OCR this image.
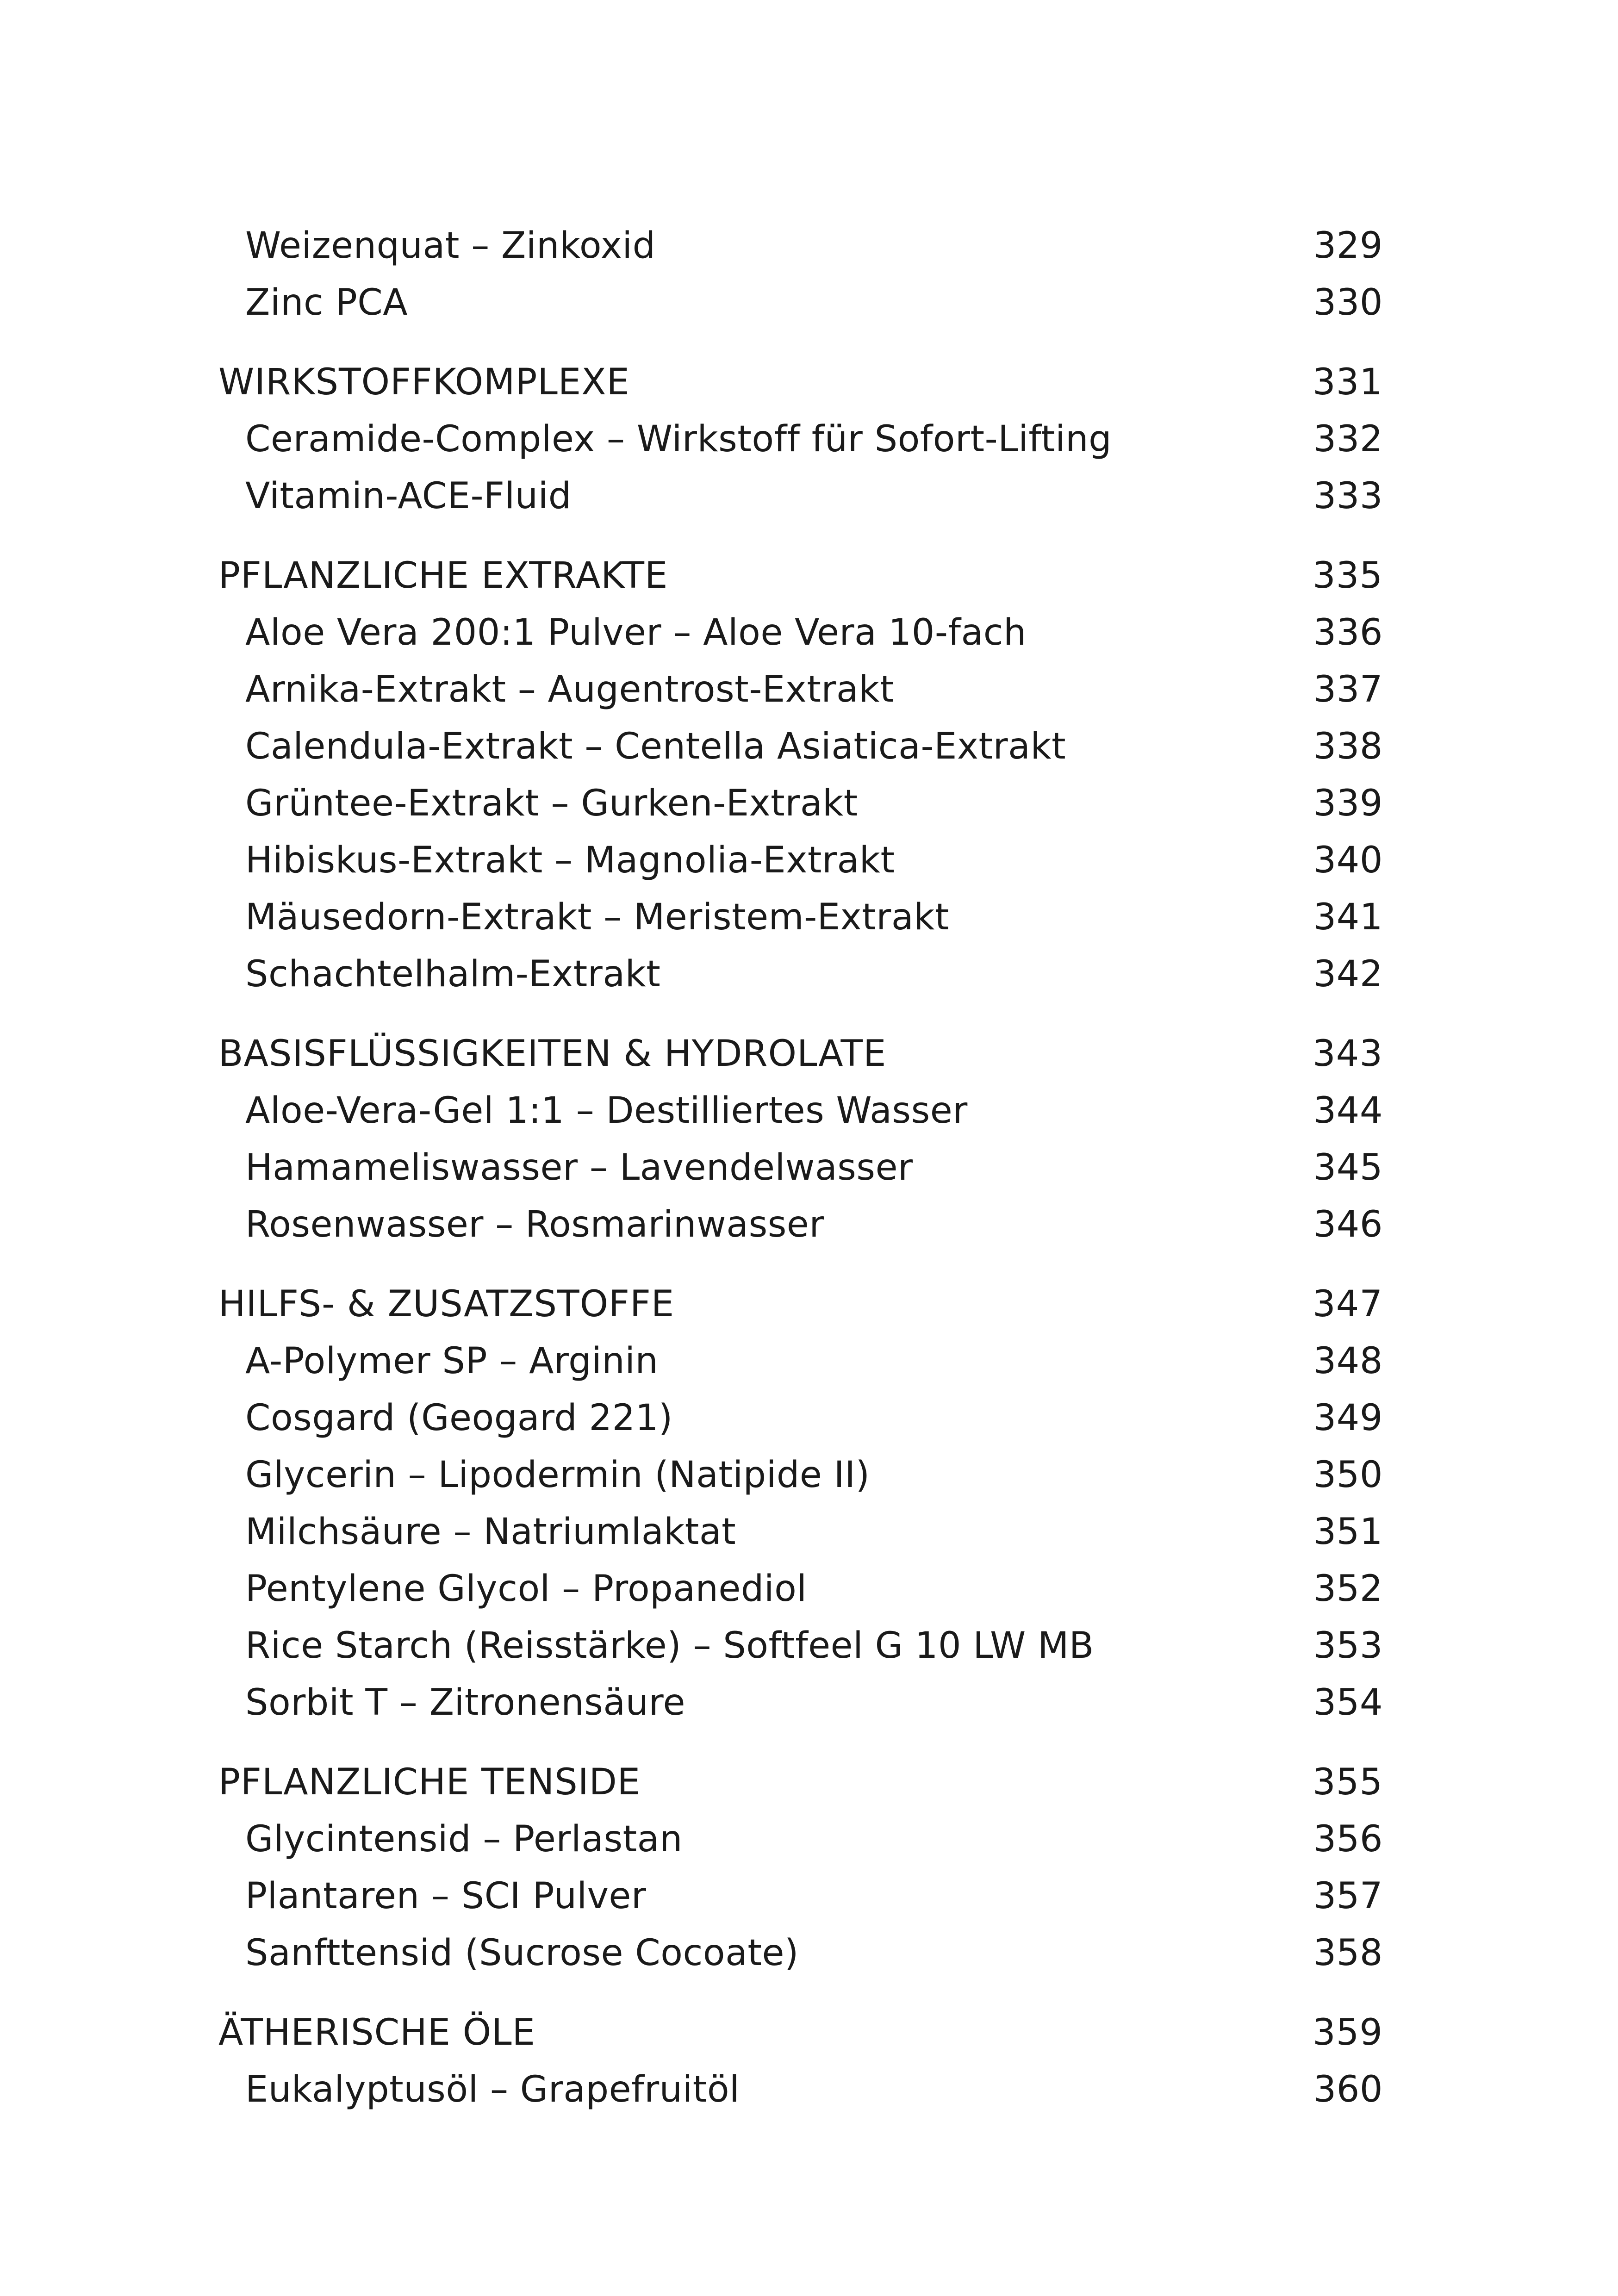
Weizenquat – Zinkoxid	329
Zinc PCA	330
WIRKSTOFFKOMPLEXE	331
Ceramide-Complex – Wirkstoff für Sofort-Lifting	332
Vitamin-ACE-Fluid	333
PFLANZLICHE EXTRAKTE	335
Aloe Vera 200:1 Pulver – Aloe Vera 10-fach	336
Arnika-Extrakt – Augentrost-Extrakt	337
Calendula-Extrakt – Centella Asiatica-Extrakt	338
Grüntee-Extrakt – Gurken-Extrakt	339
Hibiskus-Extrakt – Magnolia-Extrakt	340
Mäusedorn-Extrakt – Meristem-Extrakt	341
Schachtelhalm-Extrakt	342
BASISFLÜSSIGKEITEN & HYDROLATE	343
Aloe-Vera-Gel 1:1 – Destilliertes Wasser	344
Hamameliswasser – Lavendelwasser	345
Rosenwasser – Rosmarinwasser	346
HILFS- & ZUSATZSTOFFE	347
A-Polymer SP – Arginin	348
Cosgard (Geogard 221)	349
Glycerin – Lipodermin (Natipide II)	350
Milchsäure – Natriumlaktat	351
Pentylene Glycol – Propanediol	352
Rice Starch (Reisstärke) – Softfeel G 10 LW MB	353
Sorbit T – Zitronensäure	354
PFLANZLICHE TENSIDE	355
Glycintensid – Perlastan	356
Plantaren – SCI Pulver	357
Sanfttensid (Sucrose Cocoate)	358
ÄTHERISCHE ÖLE	359
Eukalyptusöl – Grapefruitöl	360
